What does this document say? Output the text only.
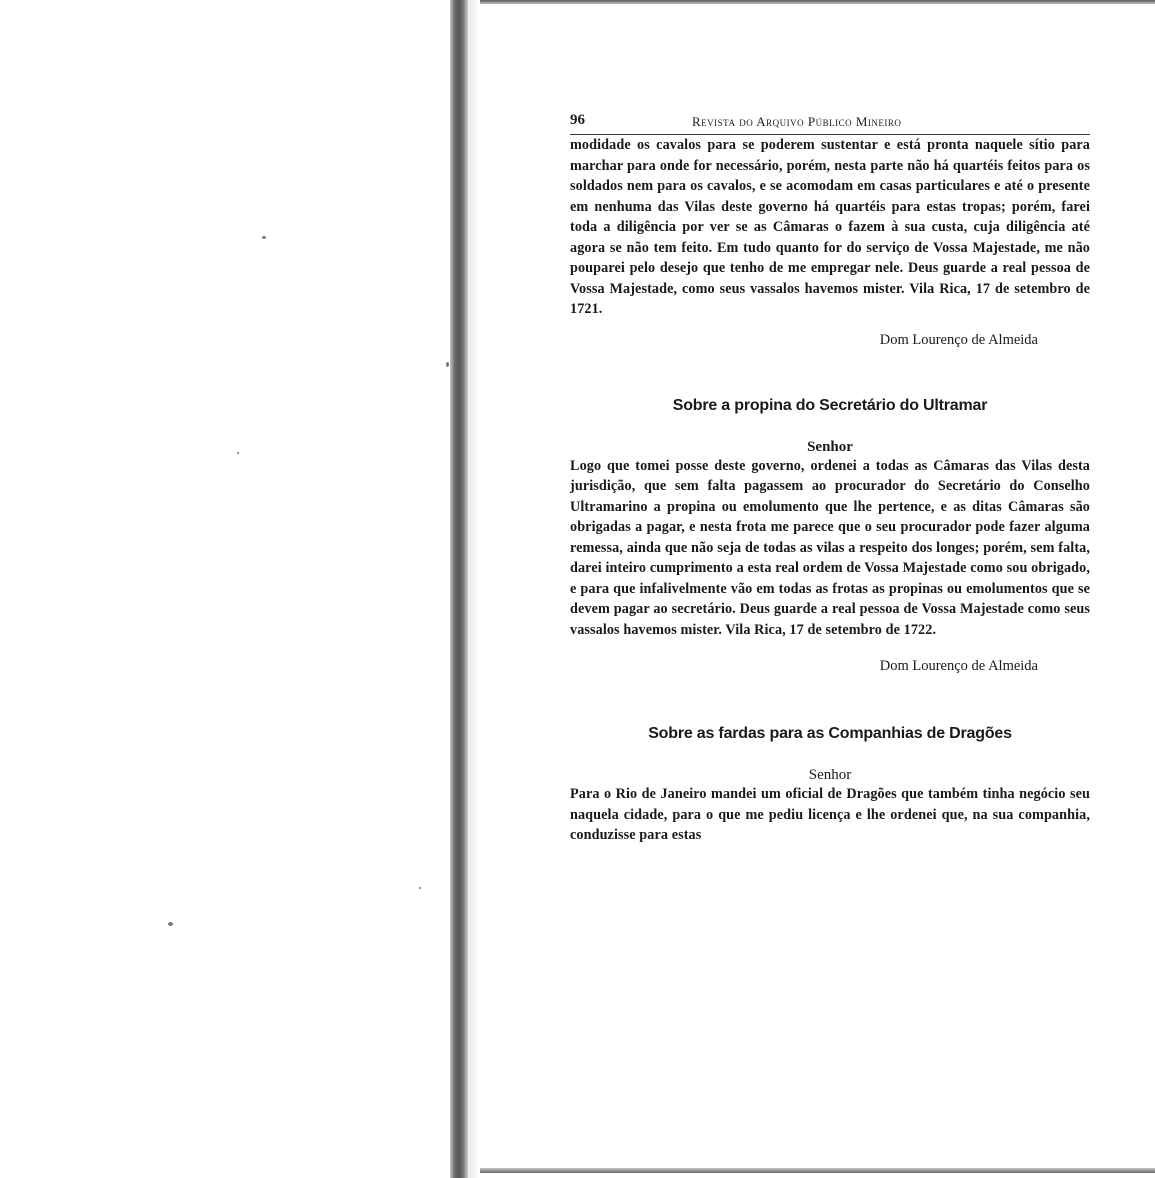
96	Revista do Arquivo Público Mineiro

modidade os cavalos para se poderem sustentar e está pronta naquele sítio para marchar para onde for necessário, porém, nesta parte não há quartéis feitos para os soldados nem para os cavalos, e se acomodam em casas particulares e até o presente em nenhuma das Vilas deste governo há quartéis para estas tropas; porém, farei toda a diligência por ver se as Câmaras o fazem à sua custa, cuja diligência até agora se não tem feito. Em tudo quanto for do serviço de Vossa Majestade, me não pouparei pelo desejo que tenho de me empregar nele. Deus guarde a real pessoa de Vossa Majestade, como seus vassalos havemos mister. Vila Rica, 17 de setembro de 1721.

Dom Lourenço de Almeida
Sobre a propina do Secretário do Ultramar
Senhor

Logo que tomei posse deste governo, ordenei a todas as Câmaras das Vilas desta jurisdição, que sem falta pagassem ao procurador do Secretário do Conselho Ultramarino a propina ou emolumento que lhe pertence, e as ditas Câmaras são obrigadas a pagar, e nesta frota me parece que o seu procurador pode fazer alguma remessa, ainda que não seja de todas as vilas a respeito dos longes; porém, sem falta, darei inteiro cumprimento a esta real ordem de Vossa Majestade como sou obrigado, e para que infalivelmente vão em todas as frotas as propinas ou emolumentos que se devem pagar ao secretário. Deus guarde a real pessoa de Vossa Majestade como seus vassalos havemos mister. Vila Rica, 17 de setembro de 1722.

Dom Lourenço de Almeida
Sobre as fardas para as Companhias de Dragões
Senhor

Para o Rio de Janeiro mandei um oficial de Dragões que também tinha negócio seu naquela cidade, para o que me pediu licença e lhe ordenei que, na sua companhia, conduzisse para estas
